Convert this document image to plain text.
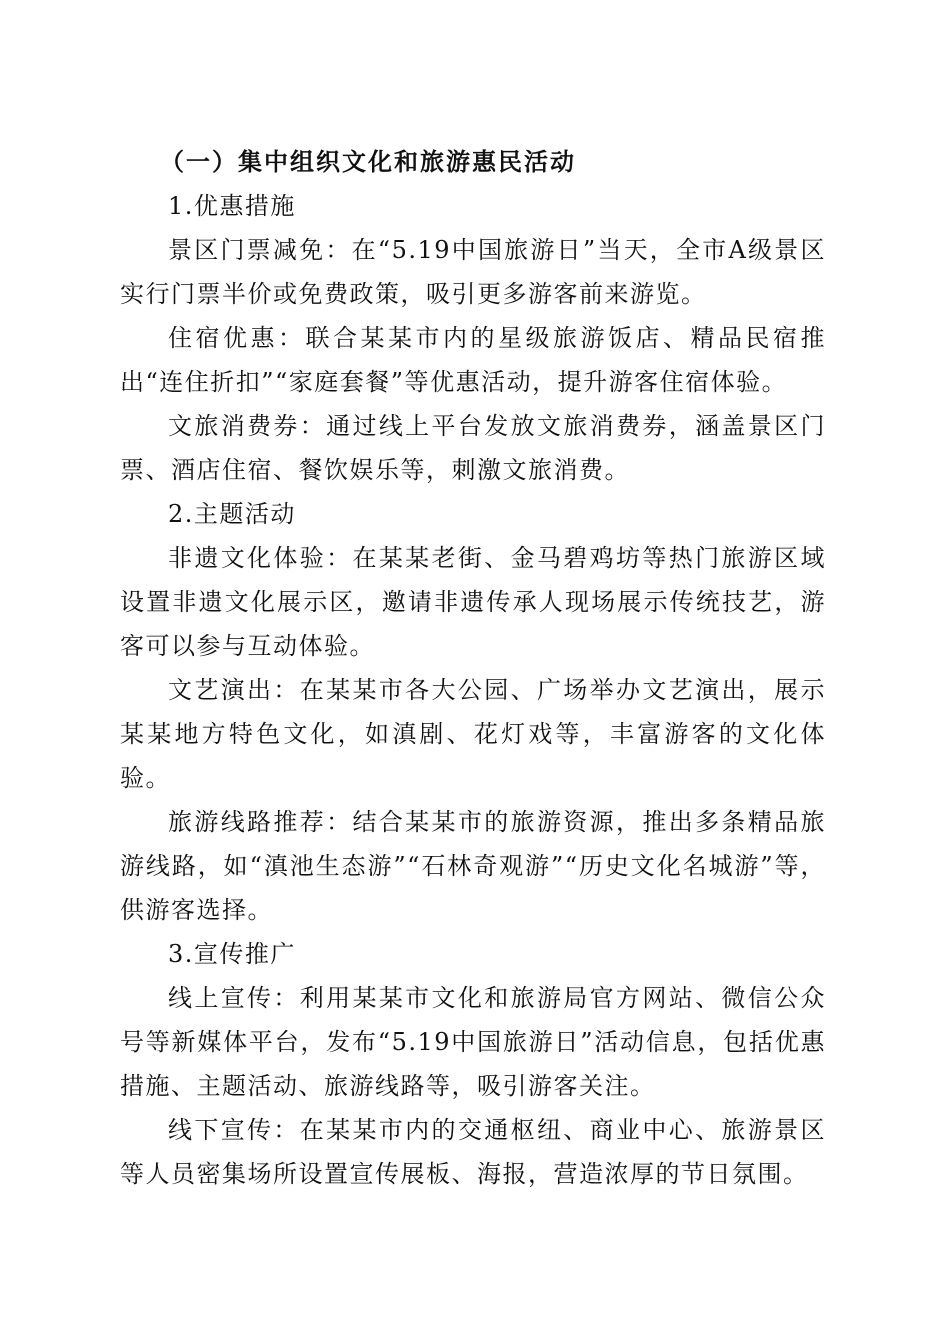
（一）集中组织文化和旅游惠民活动

1.优惠措施

景区门票减免：在“5.19中国旅游日”当天，全市A级景区实行门票半价或免费政策，吸引更多游客前来游览。

住宿优惠：联合某某市内的星级旅游饭店、精品民宿推出“连住折扣”“家庭套餐”等优惠活动，提升游客住宿体验。

文旅消费券：通过线上平台发放文旅消费券，涵盖景区门票、酒店住宿、餐饮娱乐等，刺激文旅消费。

2.主题活动

非遗文化体验：在某某老街、金马碧鸡坊等热门旅游区域设置非遗文化展示区，邀请非遗传承人现场展示传统技艺，游客可以参与互动体验。

文艺演出：在某某市各大公园、广场举办文艺演出，展示某某地方特色文化，如滇剧、花灯戏等，丰富游客的文化体验。

旅游线路推荐：结合某某市的旅游资源，推出多条精品旅游线路，如“滇池生态游”“石林奇观游”“历史文化名城游”等，供游客选择。

3.宣传推广

线上宣传：利用某某市文化和旅游局官方网站、微信公众号等新媒体平台，发布“5.19中国旅游日”活动信息，包括优惠措施、主题活动、旅游线路等，吸引游客关注。

线下宣传：在某某市内的交通枢纽、商业中心、旅游景区等人员密集场所设置宣传展板、海报，营造浓厚的节日氛围。
